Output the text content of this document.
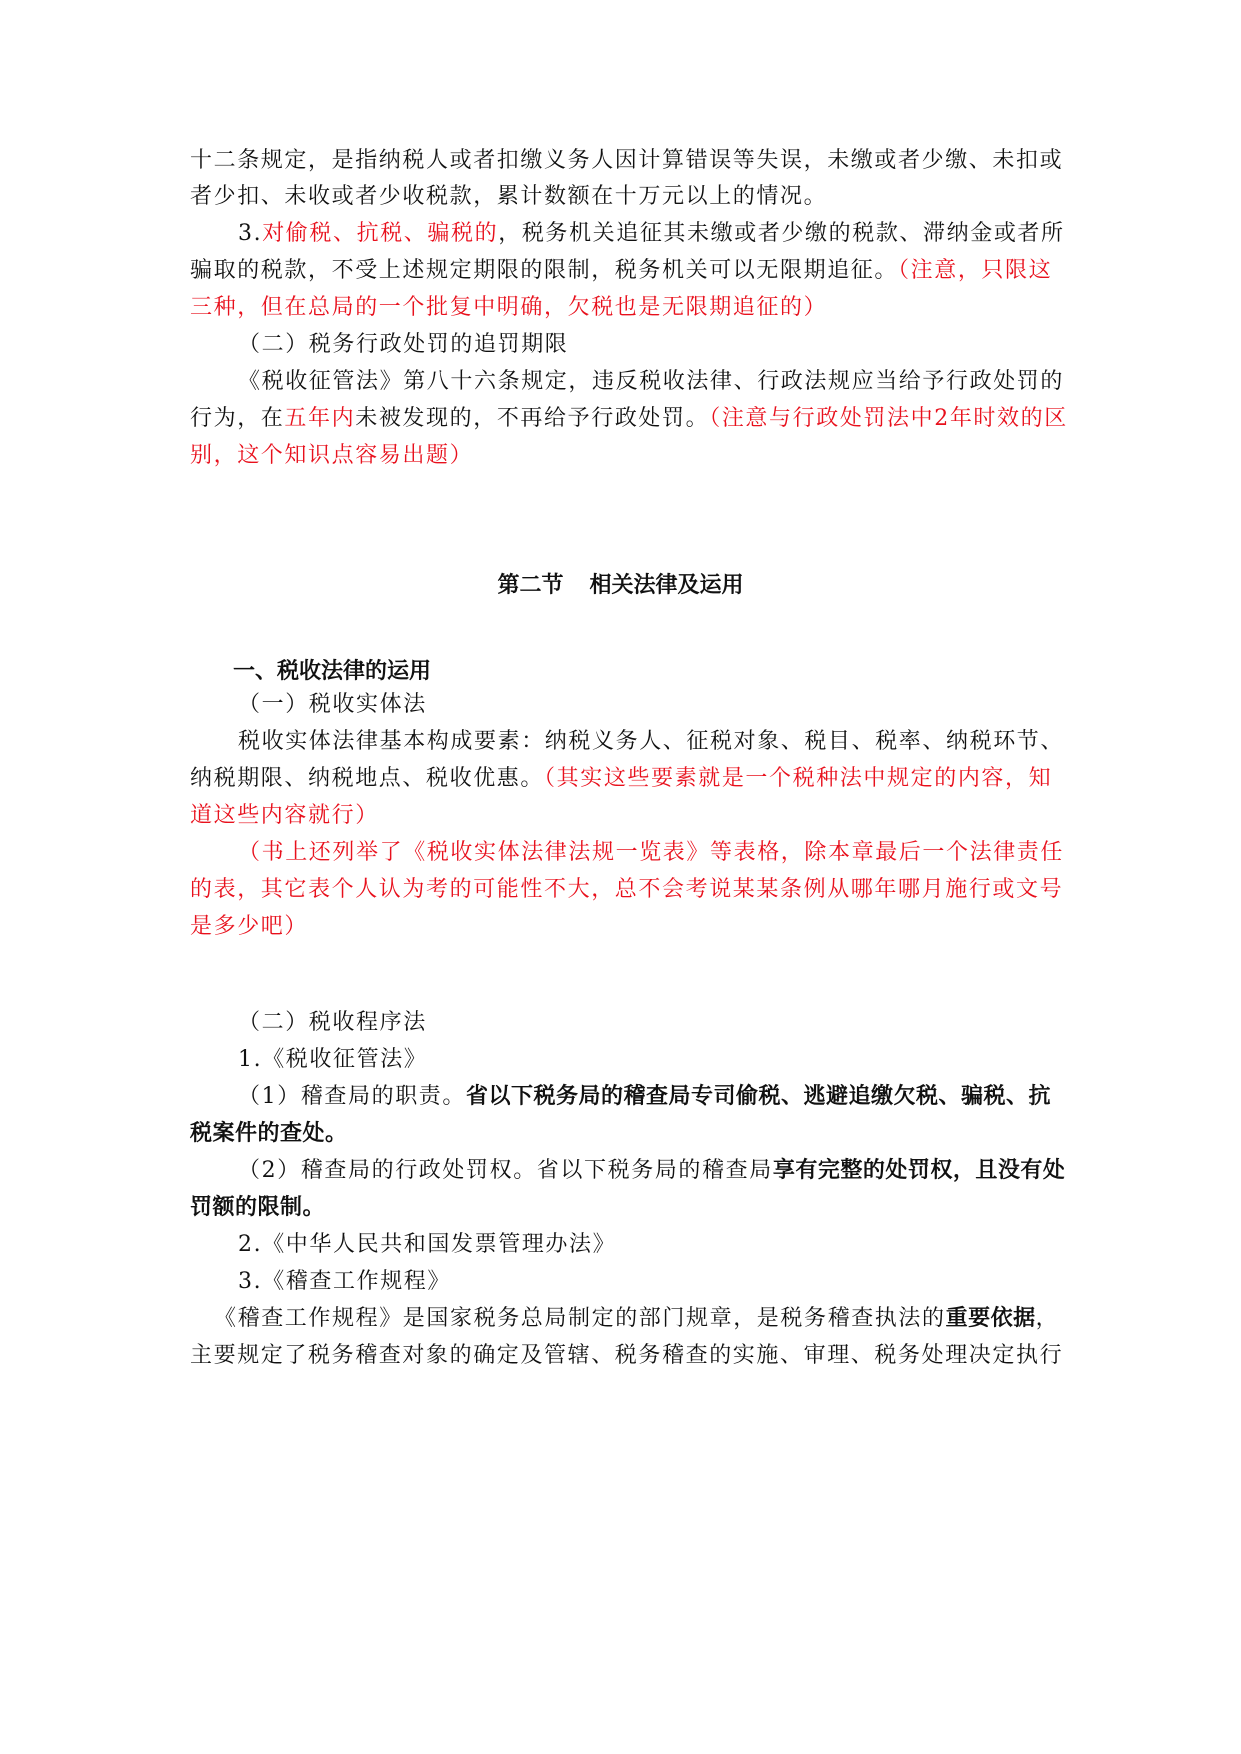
十二条规定，是指纳税人或者扣缴义务人因计算错误等失误，未缴或者少缴、未扣或
者少扣、未收或者少收税款，累计数额在十万元以上的情况。
3.对偷税、抗税、骗税的，税务机关追征其未缴或者少缴的税款、滞纳金或者所
骗取的税款，不受上述规定期限的限制，税务机关可以无限期追征。（注意，只限这
三种，但在总局的一个批复中明确，欠税也是无限期追征的）
（二）税务行政处罚的追罚期限
《税收征管法》第八十六条规定，违反税收法律、行政法规应当给予行政处罚的
行为，在五年内未被发现的，不再给予行政处罚。（注意与行政处罚法中2年时效的区
别，这个知识点容易出题）
第二节 相关法律及运用
一、税收法律的运用
（一）税收实体法
税收实体法律基本构成要素：纳税义务人、征税对象、税目、税率、纳税环节、
纳税期限、纳税地点、税收优惠。（其实这些要素就是一个税种法中规定的内容，知
道这些内容就行）
（书上还列举了《税收实体法律法规一览表》等表格，除本章最后一个法律责任
的表，其它表个人认为考的可能性不大，总不会考说某某条例从哪年哪月施行或文号
是多少吧）
（二）税收程序法
1.《税收征管法》
（1）稽查局的职责。省以下税务局的稽查局专司偷税、逃避追缴欠税、骗税、抗
税案件的查处。
（2）稽查局的行政处罚权。省以下税务局的稽查局享有完整的处罚权，且没有处
罚额的限制。
2.《中华人民共和国发票管理办法》
3.《稽查工作规程》
《稽查工作规程》是国家税务总局制定的部门规章，是税务稽查执法的重要依据，
主要规定了税务稽查对象的确定及管辖、税务稽查的实施、审理、税务处理决定执行
